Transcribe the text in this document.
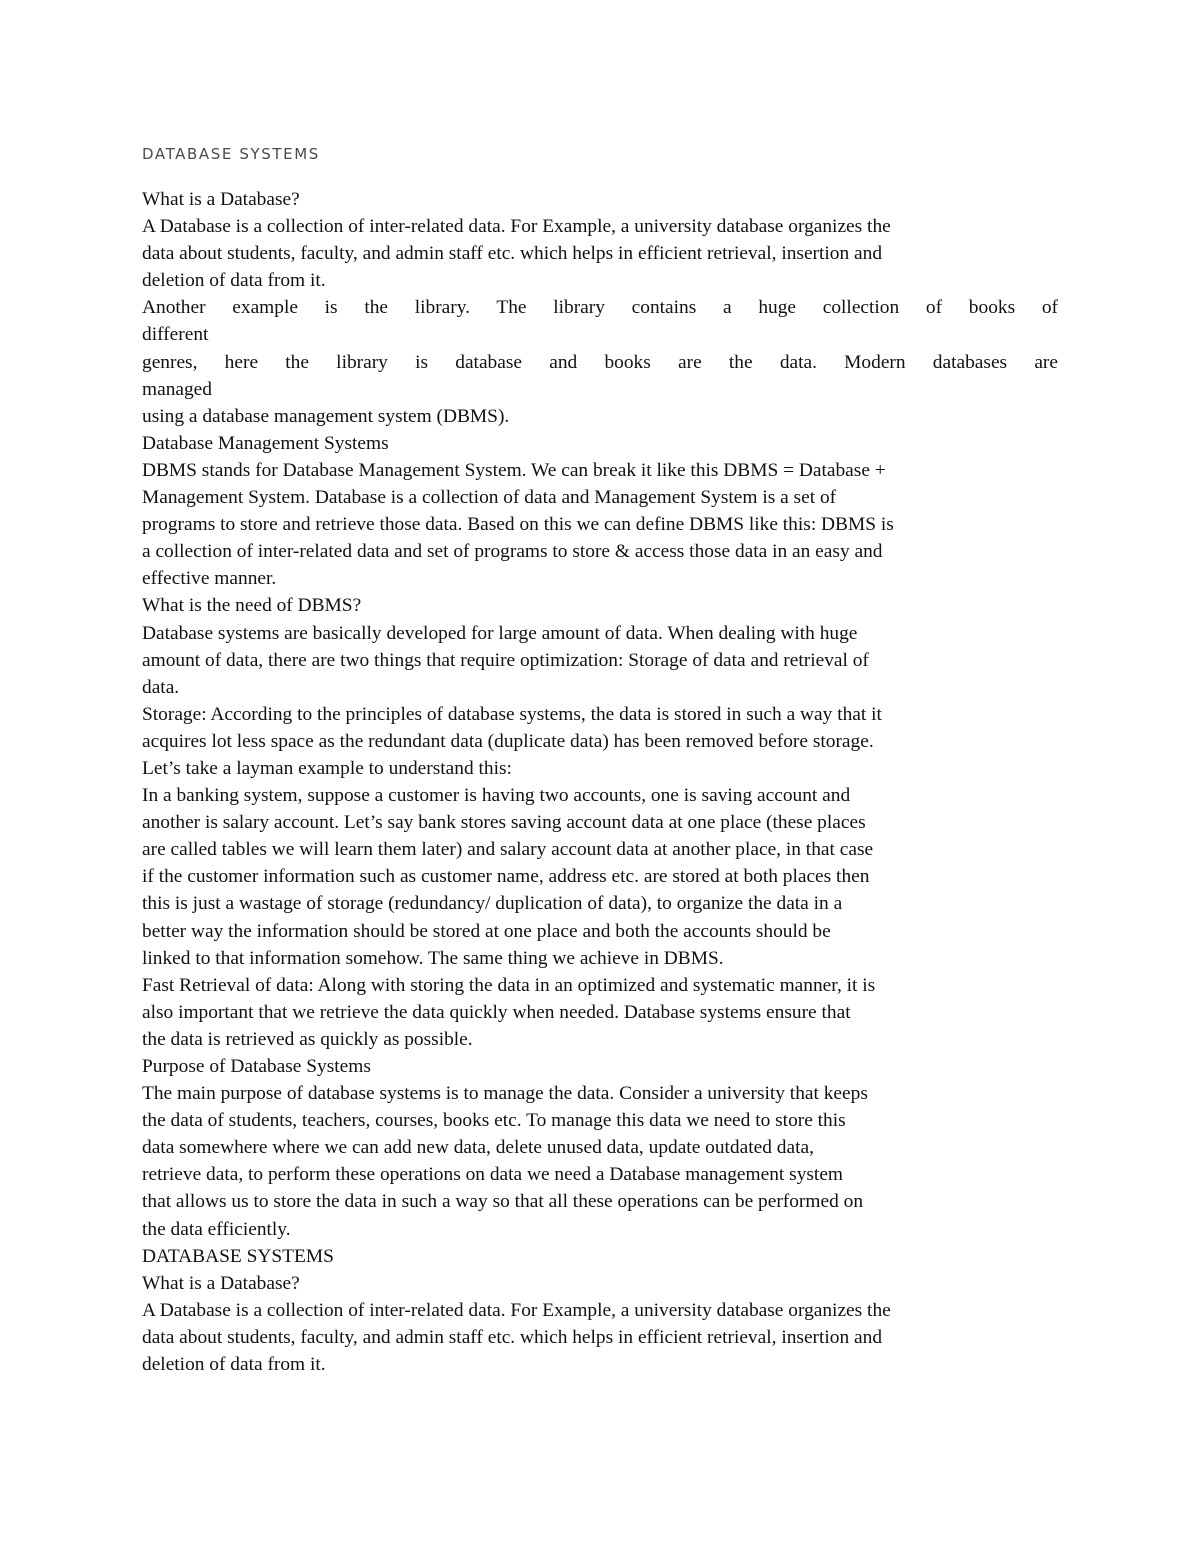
DATABASE SYSTEMS
What is a Database?
A Database is a collection of inter-related data. For Example, a university database organizes the
data about students, faculty, and admin staff etc. which helps in efficient retrieval, insertion and
deletion of data from it.
Another example is the library. The library contains a huge collection of books of
different
genres, here the library is database and books are the data. Modern databases are
managed
using a database management system (DBMS).
Database Management Systems
DBMS stands for Database Management System. We can break it like this DBMS = Database +
Management System. Database is a collection of data and Management System is a set of
programs to store and retrieve those data. Based on this we can define DBMS like this: DBMS is
a collection of inter-related data and set of programs to store & access those data in an easy and
effective manner.
What is the need of DBMS?
Database systems are basically developed for large amount of data. When dealing with huge
amount of data, there are two things that require optimization: Storage of data and retrieval of
data.
Storage: According to the principles of database systems, the data is stored in such a way that it
acquires lot less space as the redundant data (duplicate data) has been removed before storage.
Let’s take a layman example to understand this:
In a banking system, suppose a customer is having two accounts, one is saving account and
another is salary account. Let’s say bank stores saving account data at one place (these places
are called tables we will learn them later) and salary account data at another place, in that case
if the customer information such as customer name, address etc. are stored at both places then
this is just a wastage of storage (redundancy/ duplication of data), to organize the data in a
better way the information should be stored at one place and both the accounts should be
linked to that information somehow. The same thing we achieve in DBMS.
Fast Retrieval of data: Along with storing the data in an optimized and systematic manner, it is
also important that we retrieve the data quickly when needed. Database systems ensure that
the data is retrieved as quickly as possible.
Purpose of Database Systems
The main purpose of database systems is to manage the data. Consider a university that keeps
the data of students, teachers, courses, books etc. To manage this data we need to store this
data somewhere where we can add new data, delete unused data, update outdated data,
retrieve data, to perform these operations on data we need a Database management system
that allows us to store the data in such a way so that all these operations can be performed on
the data efficiently.
DATABASE SYSTEMS
What is a Database?
A Database is a collection of inter-related data. For Example, a university database organizes the
data about students, faculty, and admin staff etc. which helps in efficient retrieval, insertion and
deletion of data from it.
